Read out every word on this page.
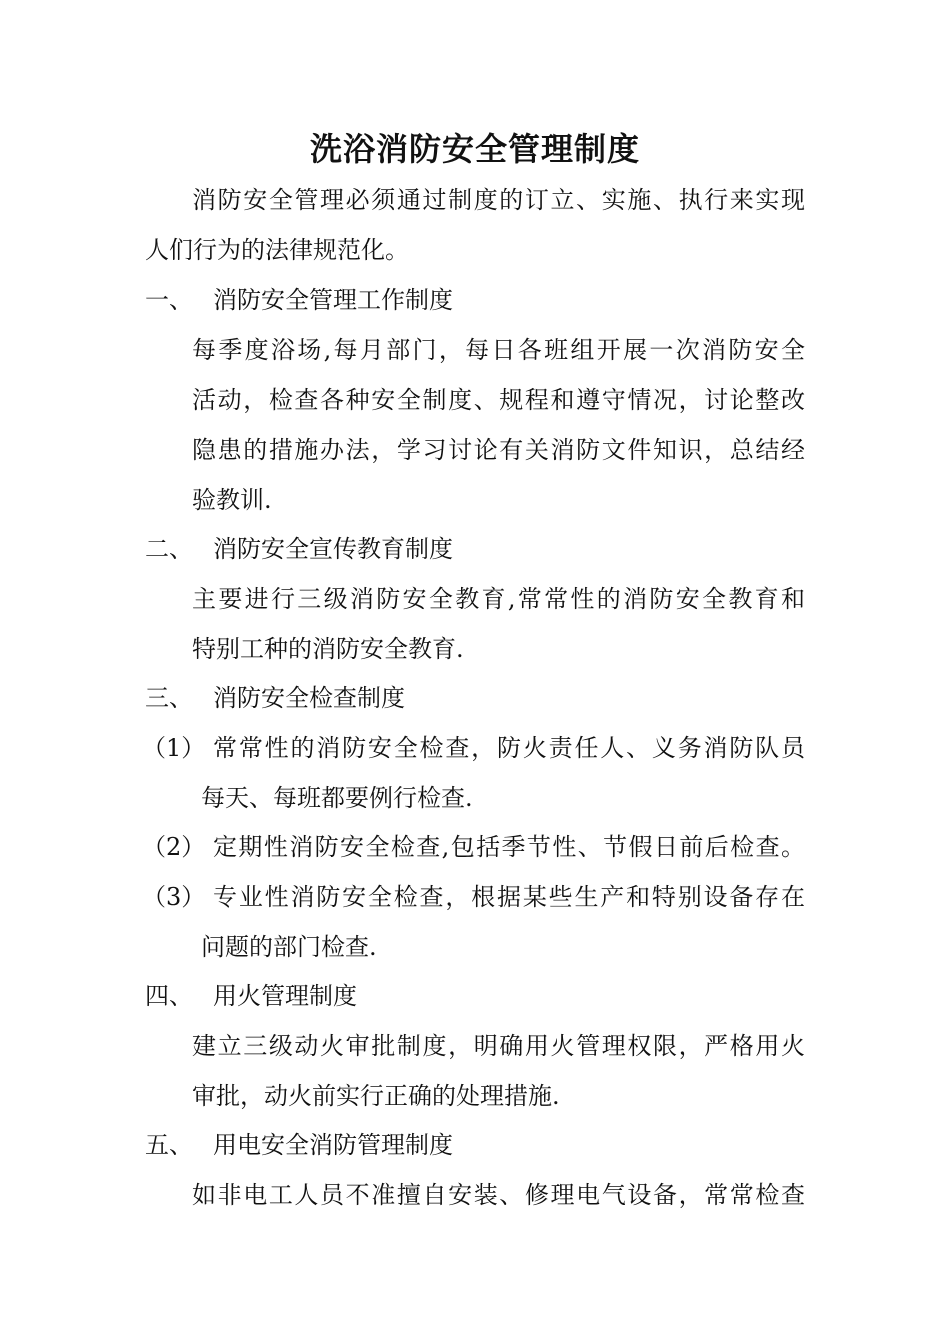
洗浴消防安全管理制度
消防安全管理必须通过制度的订立、实施、执行来实现
人们行为的法律规范化。
一、 消防安全管理工作制度
每季度浴场,每月部门，每日各班组开展一次消防安全
活动，检查各种安全制度、规程和遵守情况，讨论整改
隐患的措施办法，学习讨论有关消防文件知识，总结经
验教训.
二、 消防安全宣传教育制度
主要进行三级消防安全教育,常常性的消防安全教育和
特别工种的消防安全教育.
三、 消防安全检查制度
（1） 常常性的消防安全检查，防火责任人、义务消防队员
每天、每班都要例行检查.
（2） 定期性消防安全检查,包括季节性、节假日前后检查。
（3） 专业性消防安全检查，根据某些生产和特别设备存在
问题的部门检查.
四、 用火管理制度
建立三级动火审批制度，明确用火管理权限，严格用火
审批，动火前实行正确的处理措施.
五、 用电安全消防管理制度
如非电工人员不准擅自安装、修理电气设备，常常检查
